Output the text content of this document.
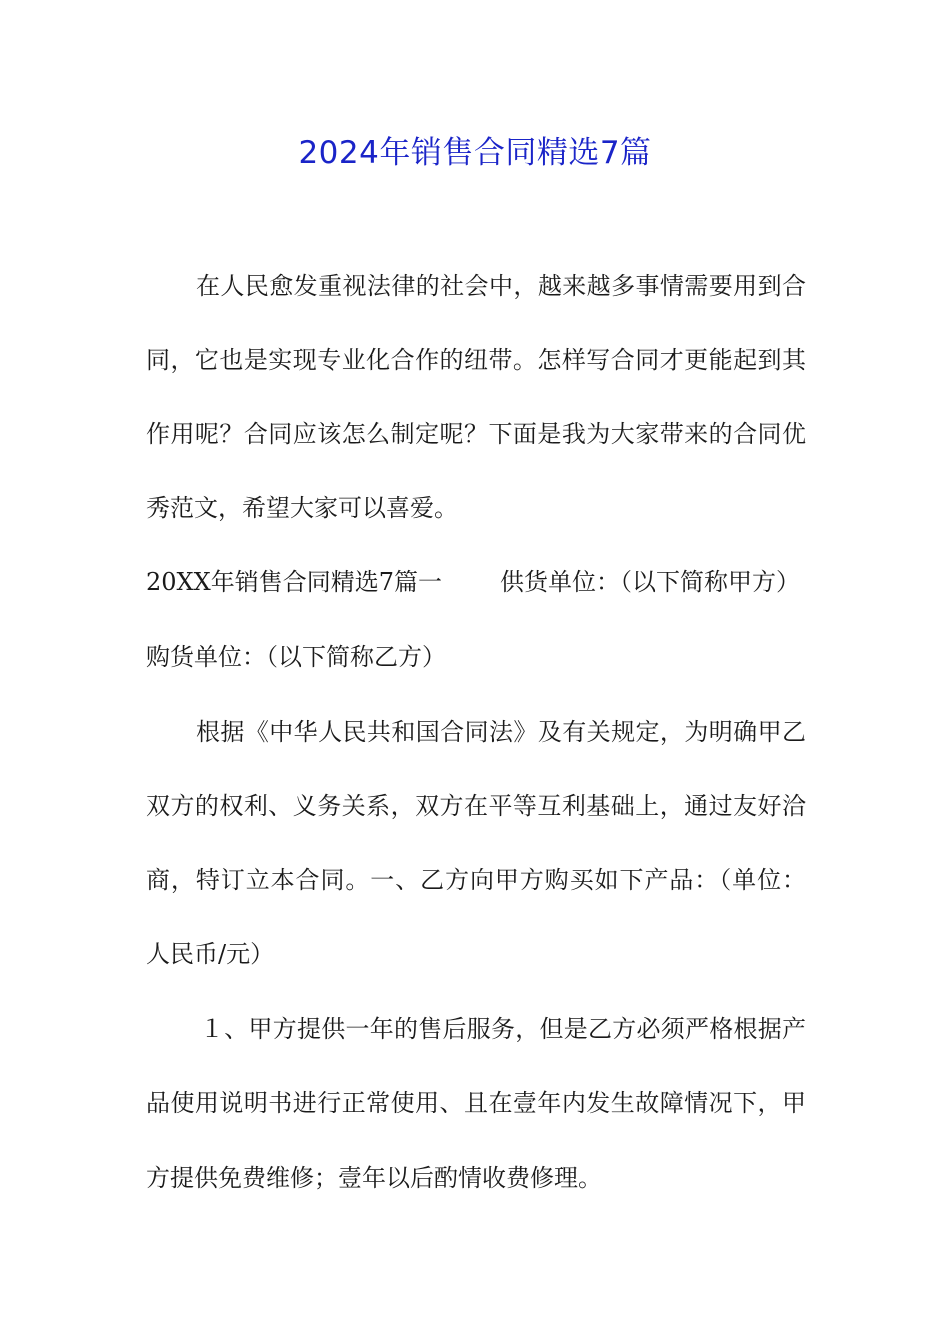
2024年销售合同精选7篇
在人民愈发重视法律的社会中，越来越多事情需要用到合
同，它也是实现专业化合作的纽带。怎样写合同才更能起到其
作用呢？合同应该怎么制定呢？下面是我为大家带来的合同优
秀范文，希望大家可以喜爱。
20XX年销售合同精选7篇一 供货单位：（以下简称甲方）
购货单位：（以下简称乙方）
根据《中华人民共和国合同法》及有关规定，为明确甲乙
双方的权利、义务关系，双方在平等互利基础上，通过友好洽
商，特订立本合同。一、乙方向甲方购买如下产品：（单位：
人民币/元）
１、甲方提供一年的售后服务，但是乙方必须严格根据产
品使用说明书进行正常使用、且在壹年内发生故障情况下，甲
方提供免费维修；壹年以后酌情收费修理。
